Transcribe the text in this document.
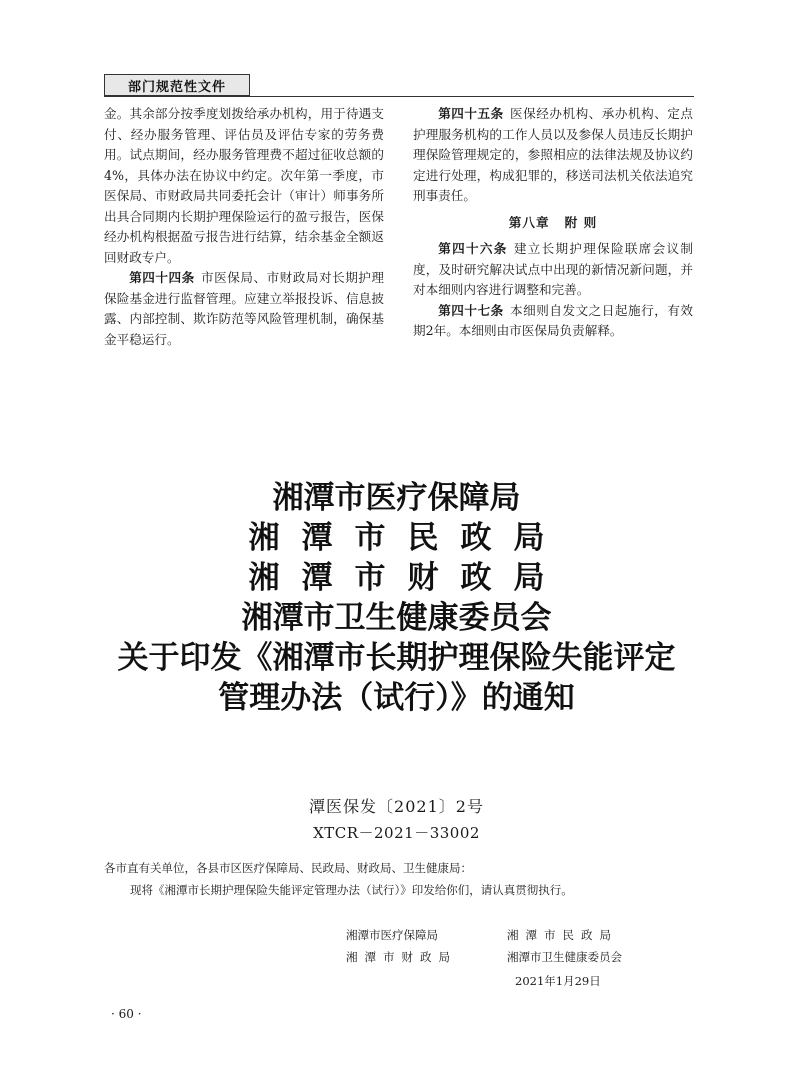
部门规范性文件

金。其余部分按季度划拨给承办机构，用于待遇支付、经办服务管理、评估员及评估专家的劳务费用。试点期间，经办服务管理费不超过征收总额的4%，具体办法在协议中约定。次年第一季度，市医保局、市财政局共同委托会计（审计）师事务所出具合同期内长期护理保险运行的盈亏报告，医保经办机构根据盈亏报告进行结算，结余基金全额返回财政专户。

第四十四条 市医保局、市财政局对长期护理保险基金进行监督管理。应建立举报投诉、信息披露、内部控制、欺诈防范等风险管理机制，确保基金平稳运行。

第四十五条 医保经办机构、承办机构、定点护理服务机构的工作人员以及参保人员违反长期护理保险管理规定的，参照相应的法律法规及协议约定进行处理，构成犯罪的，移送司法机关依法追究刑事责任。

第八章 附 则

第四十六条 建立长期护理保险联席会议制度，及时研究解决试点中出现的新情况新问题，并对本细则内容进行调整和完善。

第四十七条 本细则自发文之日起施行，有效期2年。本细则由市医保局负责解释。

湘潭市医疗保障局
湘潭市民政局
湘潭市财政局
湘潭市卫生健康委员会
关于印发《湘潭市长期护理保险失能评定
管理办法（试行）》的通知
潭医保发〔2021〕2号
XTCR－2021－33002
各市直有关单位，各县市区医疗保障局、民政局、财政局、卫生健康局：
现将《湘潭市长期护理保险失能评定管理办法（试行）》印发给你们，请认真贯彻执行。
湘潭市医疗保障局	湘潭市民政局
湘潭市财政局	湘潭市卫生健康委员会
2021年1月29日
· 60 ·
